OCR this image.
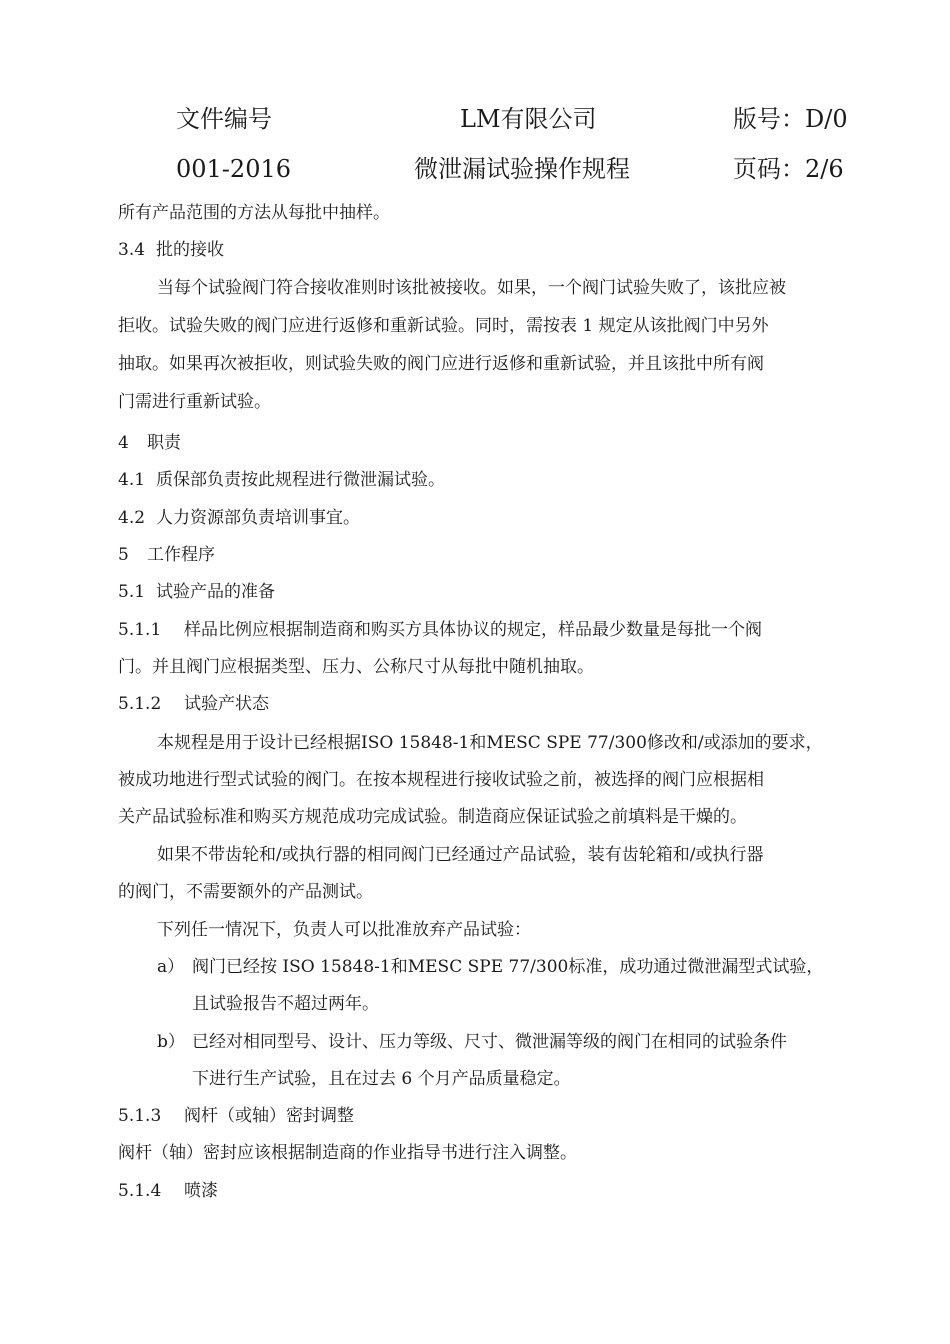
文件编号	LM有限公司	版号：D/0
001-2016	微泄漏试验操作规程	页码：2/6
所有产品范围的方法从每批中抽样。
3.4 批的接收
当每个试验阀门符合接收准则时该批被接收。如果，一个阀门试验失败了，该批应被
拒收。试验失败的阀门应进行返修和重新试验。同时，需按表 1 规定从该批阀门中另外
抽取。如果再次被拒收，则试验失败的阀门应进行返修和重新试验，并且该批中所有阀
门需进行重新试验。
4 职责
4.1 质保部负责按此规程进行微泄漏试验。
4.2 人力资源部负责培训事宜。
5 工作程序
5.1 试验产品的准备
5.1.1 样品比例应根据制造商和购买方具体协议的规定，样品最少数量是每批一个阀
门。并且阀门应根据类型、压力、公称尺寸从每批中随机抽取。
5.1.2 试验产状态
本规程是用于设计已经根据ISO 15848-1和MESC SPE 77/300修改和/或添加的要求，
被成功地进行型式试验的阀门。在按本规程进行接收试验之前，被选择的阀门应根据相
关产品试验标准和购买方规范成功完成试验。制造商应保证试验之前填料是干燥的。
如果不带齿轮和/或执行器的相同阀门已经通过产品试验，装有齿轮箱和/或执行器
的阀门，不需要额外的产品测试。
下列任一情况下，负责人可以批准放弃产品试验：
a） 阀门已经按 ISO 15848-1和MESC SPE 77/300标准，成功通过微泄漏型式试验，
且试验报告不超过两年。
b） 已经对相同型号、设计、压力等级、尺寸、微泄漏等级的阀门在相同的试验条件
下进行生产试验，且在过去 6 个月产品质量稳定。
5.1.3 阀杆（或轴）密封调整
阀杆（轴）密封应该根据制造商的作业指导书进行注入调整。
5.1.4 喷漆
